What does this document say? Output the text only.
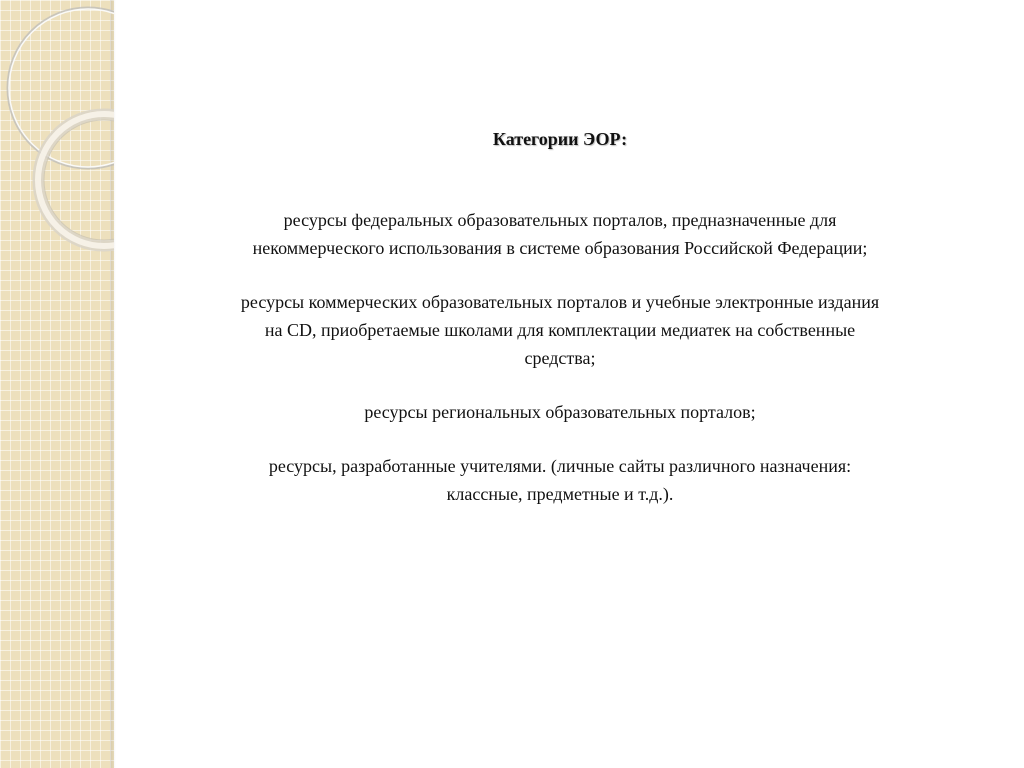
Категории ЭОР:

ресурсы федеральных образовательных порталов, предназначенные для
некоммерческого использования в системе образования Российской Федерации;
ресурсы коммерческих образовательных порталов и учебные электронные издания
на CD, приобретаемые школами для комплектации медиатек на собственные
средства;
ресурсы региональных образовательных порталов;
ресурсы, разработанные учителями. (личные сайты различного назначения:
классные, предметные и т.д.).
